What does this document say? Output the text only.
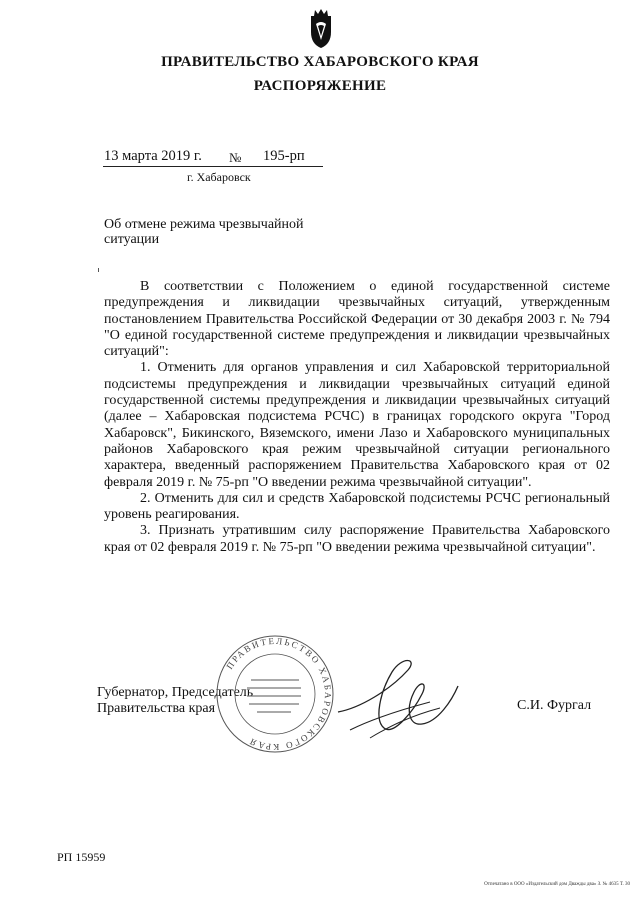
ПРАВИТЕЛЬСТВО ХАБАРОВСКОГО КРАЯ
РАСПОРЯЖЕНИЕ
13 марта 2019 г. № 195-рп
г. Хабаровск
Об отмене режима чрезвычайной
ситуации

В соответствии с Положением о единой государственной системе предупреждения и ликвидации чрезвычайных ситуаций, утвержденным постановлением Правительства Российской Федерации от 30 декабря 2003 г. № 794 "О единой государственной системе предупреждения и ликвидации чрезвычайных ситуаций":

1. Отменить для органов управления и сил Хабаровской территориальной подсистемы предупреждения и ликвидации чрезвычайных ситуаций единой государственной системы предупреждения и ликвидации чрезвычайных ситуаций (далее – Хабаровская подсистема РСЧС) в границах городского округа "Город Хабаровск", Бикинского, Вяземского, имени Лазо и Хабаровского муниципальных районов Хабаровского края режим чрезвычайной ситуации регионального характера, введенный распоряжением Правительства Хабаровского края от 02 февраля 2019 г. № 75-рп "О введении режима чрезвычайной ситуации".

2. Отменить для сил и средств Хабаровской подсистемы РСЧС региональный уровень реагирования.

3. Признать утратившим силу распоряжение Правительства Хабаровского края от 02 февраля 2019 г. № 75-рп "О введении режима чрезвычайной ситуации".

Губернатор, Председатель
Правительства края
ПРАВИТЕЛЬСТВО ХАБАРОВСКОГО КРАЯ
С.И. Фургал
РП 15959
Отпечатано в ООО «Издательский дом Дважды два» З. № 4635 Т. 30
